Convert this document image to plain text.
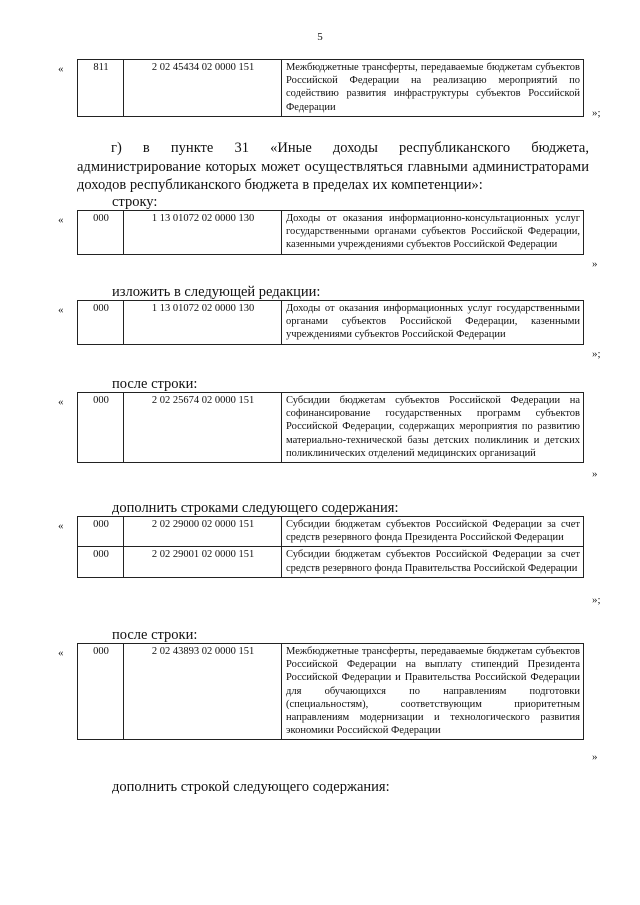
5
«	811	2 02 45434 02 0000 151	Межбюджетные трансферты, передаваемые бюджетам субъектов Российской Федерации на реализацию мероприятий по содействию развития инфраструктуры субъектов Российской Федерации	»;
г) в пункте 31 «Иные доходы республиканского бюджета, администрирование которых может осуществляться главными администраторами доходов республиканского бюджета в пределах их компетенции»:
строку:
«	000	1 13 01072 02 0000 130	Доходы от оказания информационно-консультационных услуг государственными органами субъектов Российской Федерации, казенными учреждениями субъектов Российской Федерации
»
изложить в следующей редакции:
«	000	1 13 01072 02 0000 130	Доходы от оказания информационных услуг государственными органами субъектов Российской Федерации, казенными учреждениями субъектов Российской Федерации
»;
после строки:
«	000	2 02 25674 02 0000 151	Субсидии бюджетам субъектов Российской Федерации на софинансирование государственных программ субъектов Российской Федерации, содержащих мероприятия по развитию материально-технической базы детских поликлиник и детских поликлинических отделений медицинских организаций
»
дополнить строками следующего содержания:
«	000	2 02 29000 02 0000 151	Субсидии бюджетам субъектов Российской Федерации за счет средств резервного фонда Президента Российской Федерации
000	2 02 29001 02 0000 151	Субсидии бюджетам субъектов Российской Федерации за счет средств резервного фонда Правительства Российской Федерации
»;
после строки:
«	000	2 02 43893 02 0000 151	Межбюджетные трансферты, передаваемые бюджетам субъектов Российской Федерации на выплату стипендий Президента Российской Федерации и Правительства Российской Федерации для обучающихся по направлениям подготовки (специальностям), соответствующим приоритетным направлениям модернизации и технологического развития экономики Российской Федерации
»
дополнить строкой следующего содержания:
